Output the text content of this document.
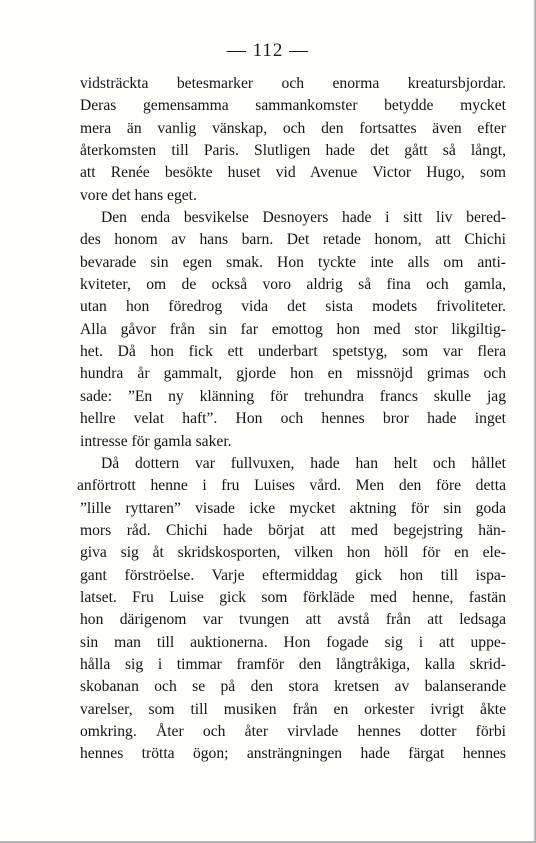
— 112 —

vidsträckta betesmarker och enorma kreatursbjordar.
Deras gemensamma sammankomster betydde mycket
mera än vanlig vänskap, och den fortsattes även efter
återkomsten till Paris. Slutligen hade det gått så långt,
att Renée besökte huset vid Avenue Victor Hugo, som
vore det hans eget.

Den enda besvikelse Desnoyers hade i sitt liv bered-
des honom av hans barn. Det retade honom, att Chichi
bevarade sin egen smak. Hon tyckte inte alls om anti-
kviteter, om de också voro aldrig så fina och gamla,
utan hon föredrog vida det sista modets frivoliteter.
Alla gåvor från sin far emottog hon med stor likgiltig-
het. Då hon fick ett underbart spetstyg, som var flera
hundra år gammalt, gjorde hon en missnöjd grimas och
sade: ”En ny klänning för trehundra francs skulle jag
hellre velat haft”. Hon och hennes bror hade inget
intresse för gamla saker.

Då dottern var fullvuxen, hade han helt och hållet
anförtrott henne i fru Luises vård. Men den före detta
”lille ryttaren” visade icke mycket aktning för sin goda
mors råd. Chichi hade börjat att med begejstring hän-
giva sig åt skridskosporten, vilken hon höll för en ele-
gant förströelse. Varje eftermiddag gick hon till ispa-
latset. Fru Luise gick som förkläde med henne, fastän
hon därigenom var tvungen att avstå från att ledsaga
sin man till auktionerna. Hon fogade sig i att uppe-
hålla sig i timmar framför den långtråkiga, kalla skrid-
skobanan och se på den stora kretsen av balanserande
varelser, som till musiken från en orkester ivrigt åkte
omkring. Åter och åter virvlade hennes dotter förbi
hennes trötta ögon; ansträngningen hade färgat hennes
